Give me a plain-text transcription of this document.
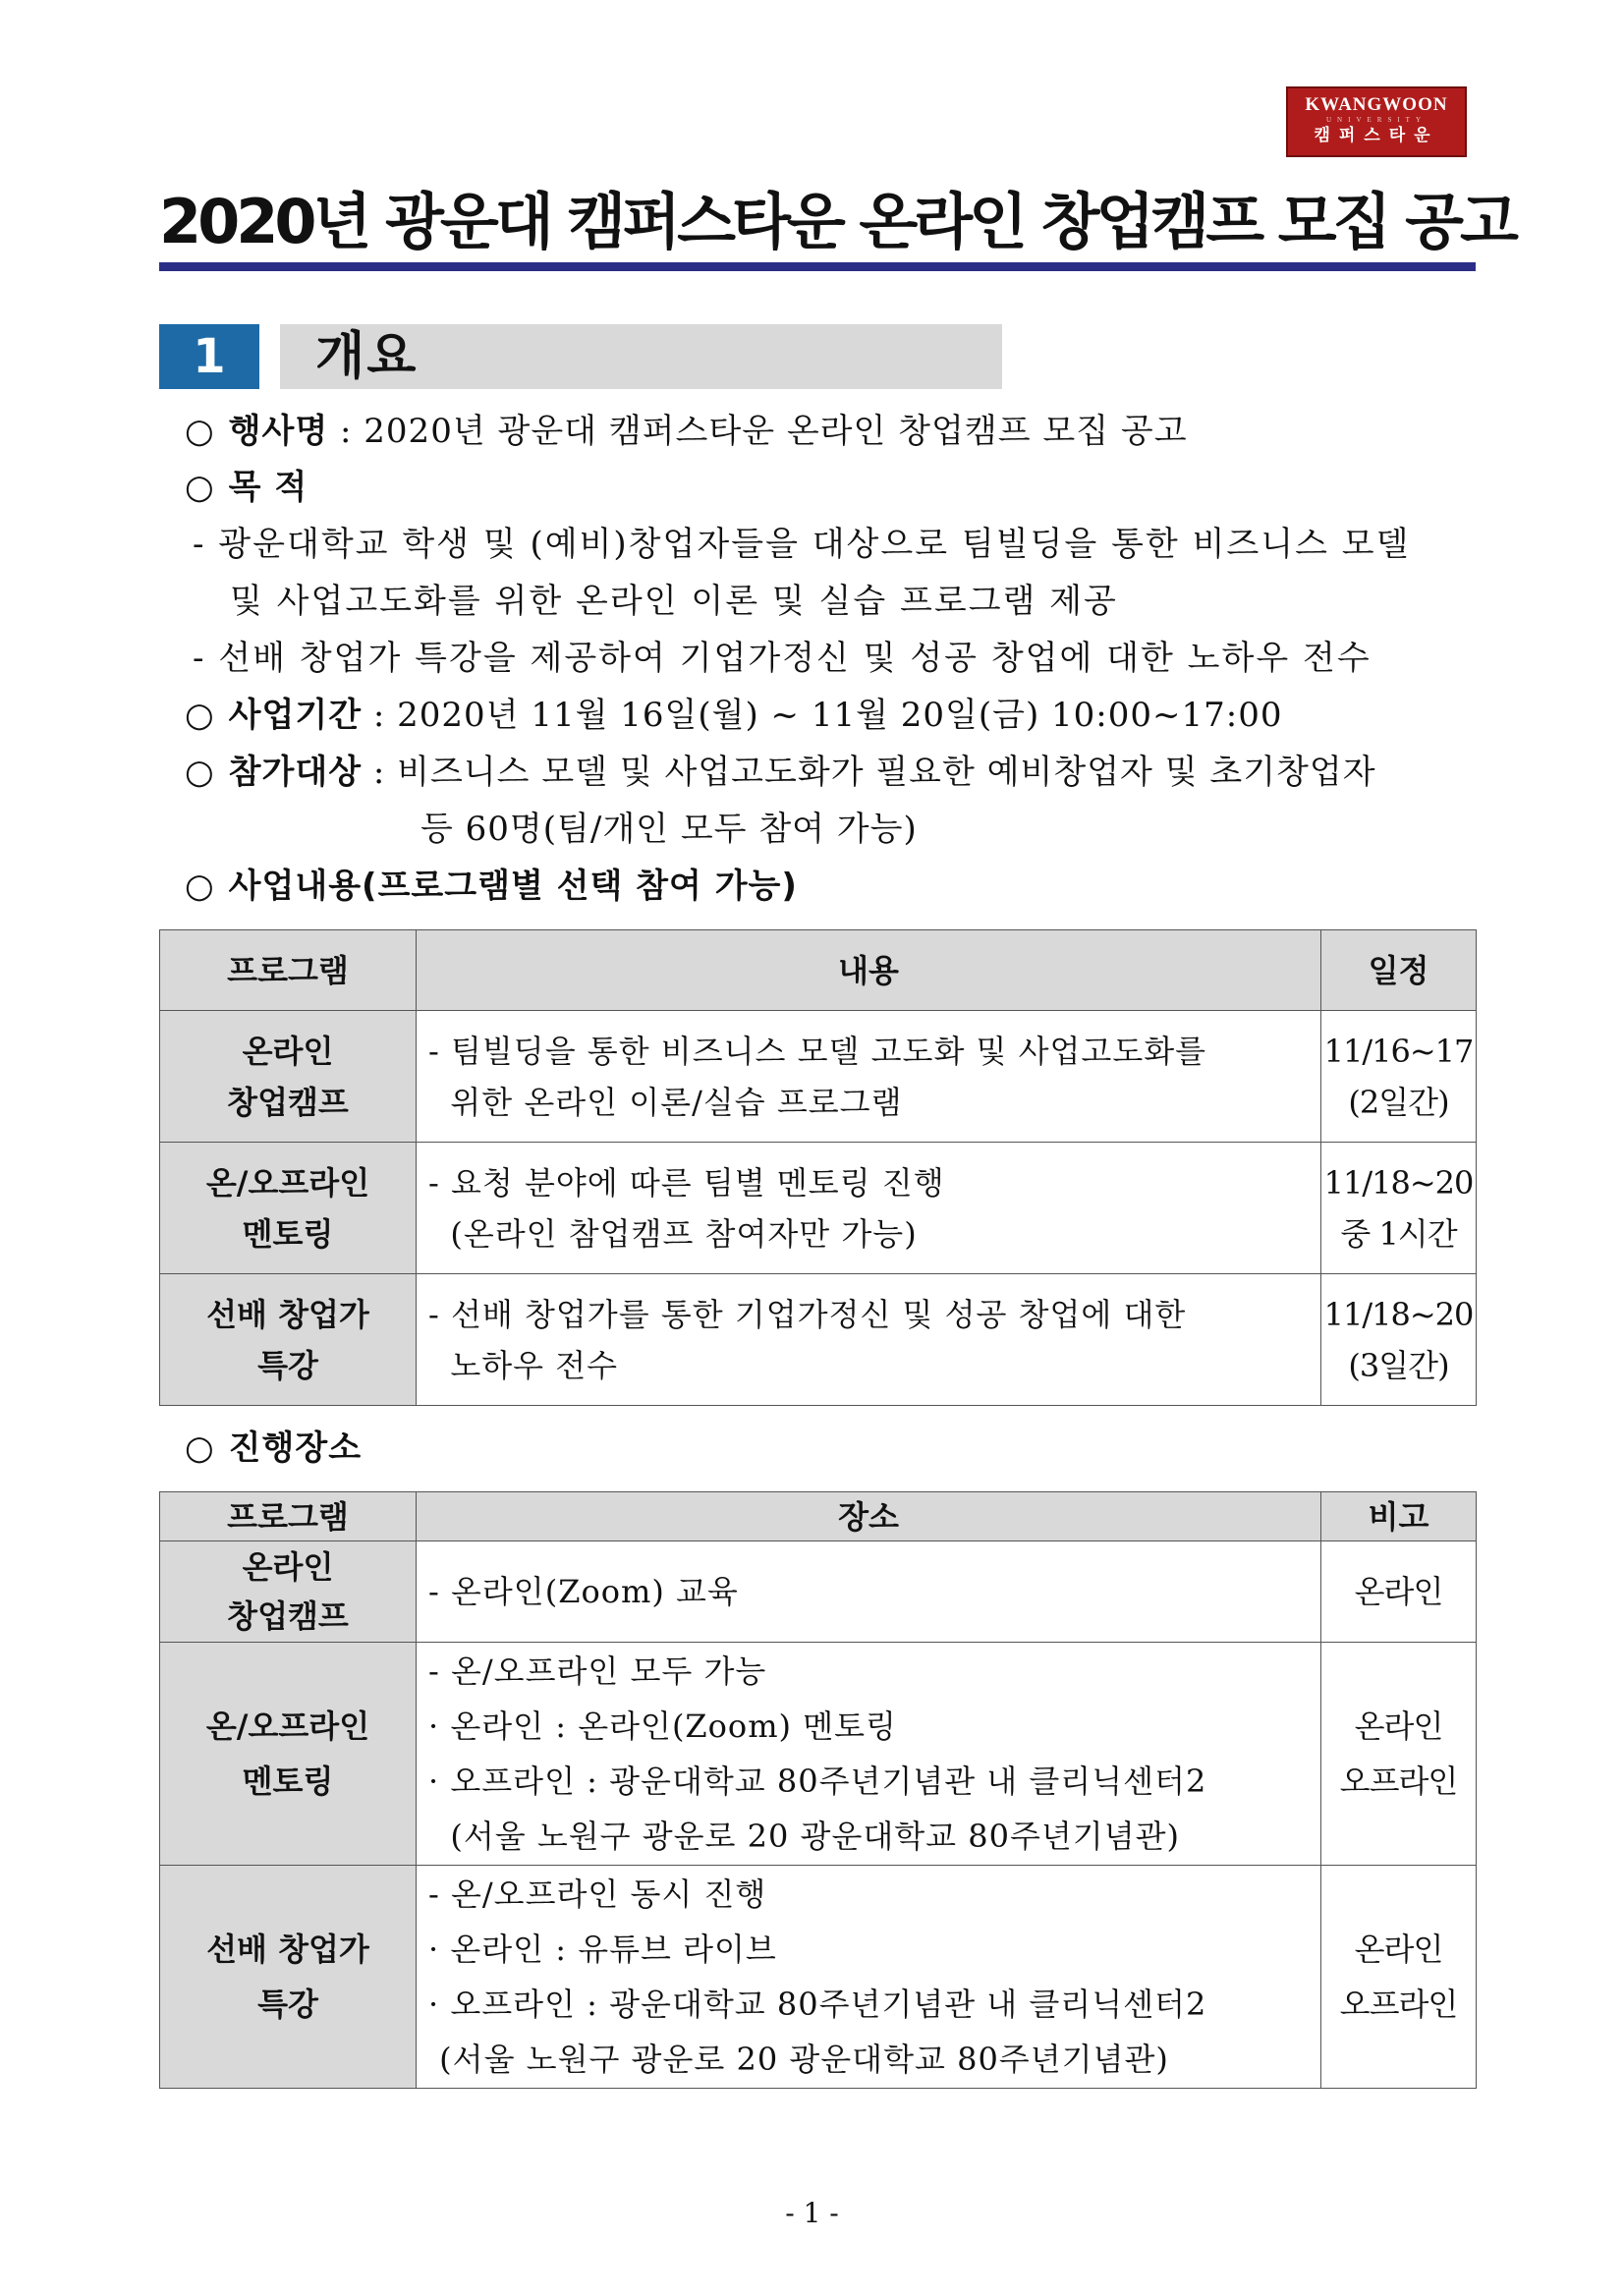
KWANGWOON
UNIVERSITY
캠퍼스타운
2020년 광운대 캠퍼스타운 온라인 창업캠프 모집 공고
1	개요
○ 행사명 : 2020년 광운대 캠퍼스타운 온라인 창업캠프 모집 공고
○ 목 적
- 광운대학교 학생 및 (예비)창업자들을 대상으로 팀빌딩을 통한 비즈니스 모델
및 사업고도화를 위한 온라인 이론 및 실습 프로그램 제공
- 선배 창업가 특강을 제공하여 기업가정신 및 성공 창업에 대한 노하우 전수
○ 사업기간 : 2020년 11월 16일(월) ~ 11월 20일(금) 10:00~17:00
○ 참가대상 : 비즈니스 모델 및 사업고도화가 필요한 예비창업자 및 초기창업자
등 60명(팀/개인 모두 참여 가능)
○ 사업내용(프로그램별 선택 참여 가능)
프로그램	내용	일정
온라인
창업캠프	- 팀빌딩을 통한 비즈니스 모델 고도화 및 사업고도화를
위한 온라인 이론/실습 프로그램	11/16~17
(2일간)
온/오프라인
멘토링	- 요청 분야에 따른 팀별 멘토링 진행
(온라인 참업캠프 참여자만 가능)	11/18~20
중 1시간
선배 창업가
특강	- 선배 창업가를 통한 기업가정신 및 성공 창업에 대한
노하우 전수	11/18~20
(3일간)
○ 진행장소
프로그램	장소	비고
온라인
창업캠프	- 온라인(Zoom) 교육	온라인
온/오프라인
멘토링	- 온/오프라인 모두 가능
· 온라인 : 온라인(Zoom) 멘토링
· 오프라인 : 광운대학교 80주년기념관 내 클리닉센터2
(서울 노원구 광운로 20 광운대학교 80주년기념관)	온라인
오프라인
선배 창업가
특강	- 온/오프라인 동시 진행
· 온라인 : 유튜브 라이브
· 오프라인 : 광운대학교 80주년기념관 내 클리닉센터2
(서울 노원구 광운로 20 광운대학교 80주년기념관)	온라인
오프라인
- 1 -
